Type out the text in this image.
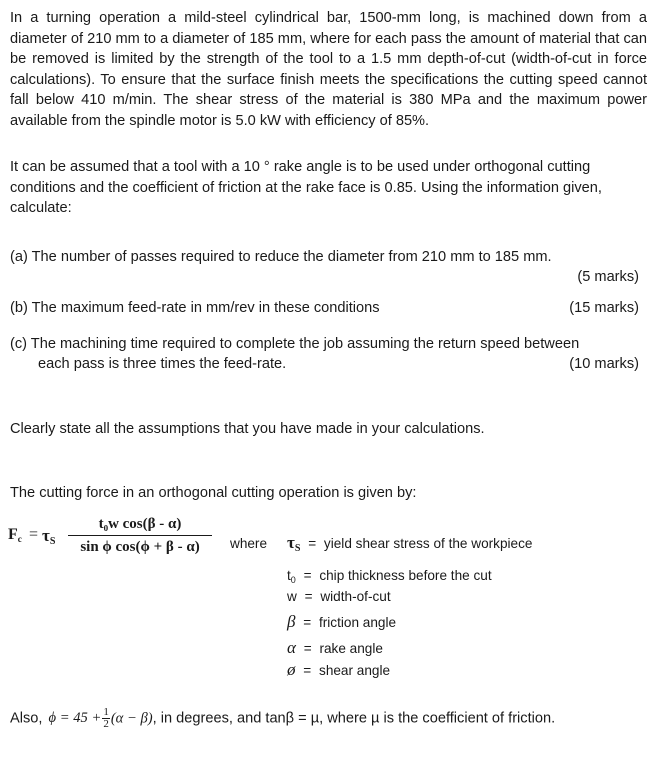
In a turning operation a mild-steel cylindrical bar, 1500-mm long, is machined down from a diameter of 210 mm to a diameter of 185 mm, where for each pass the amount of material that can be removed is limited by the strength of the tool to a 1.5 mm depth-of-cut (width-of-cut in force calculations). To ensure that the surface finish meets the specifications the cutting speed cannot fall below 410 m/min. The shear stress of the material is 380 MPa and the maximum power available from the spindle motor is 5.0 kW with efficiency of 85%.
It can be assumed that a tool with a 10 ° rake angle is to be used under orthogonal cutting conditions and the coefficient of friction at the rake face is 0.85. Using the information given, calculate:
(a) The number of passes required to reduce the diameter from 210 mm to 185 mm.
(5 marks)
(b) The maximum feed-rate in mm/rev in these conditions	(15 marks)
(c) The machining time required to complete the job assuming the return speed between
each pass is three times the feed-rate.	(10 marks)
Clearly state all the assumptions that you have made in your calculations.
The cutting force in an orthogonal cutting operation is given by:
Fc = τS
t₀w cos(β - α)
sin ϕ cos(ϕ + β - α)	where τS = yield shear stress of the workpiece
$t_0$ = chip thickness before the cut
w = width-of-cut
β = friction angle
α = rake angle
ø = shear angle
Also, $\phi = 45 + \frac{1}{2} (\alpha - \beta)$, in degrees, and tanβ = µ, where µ is the coefficient of friction.
